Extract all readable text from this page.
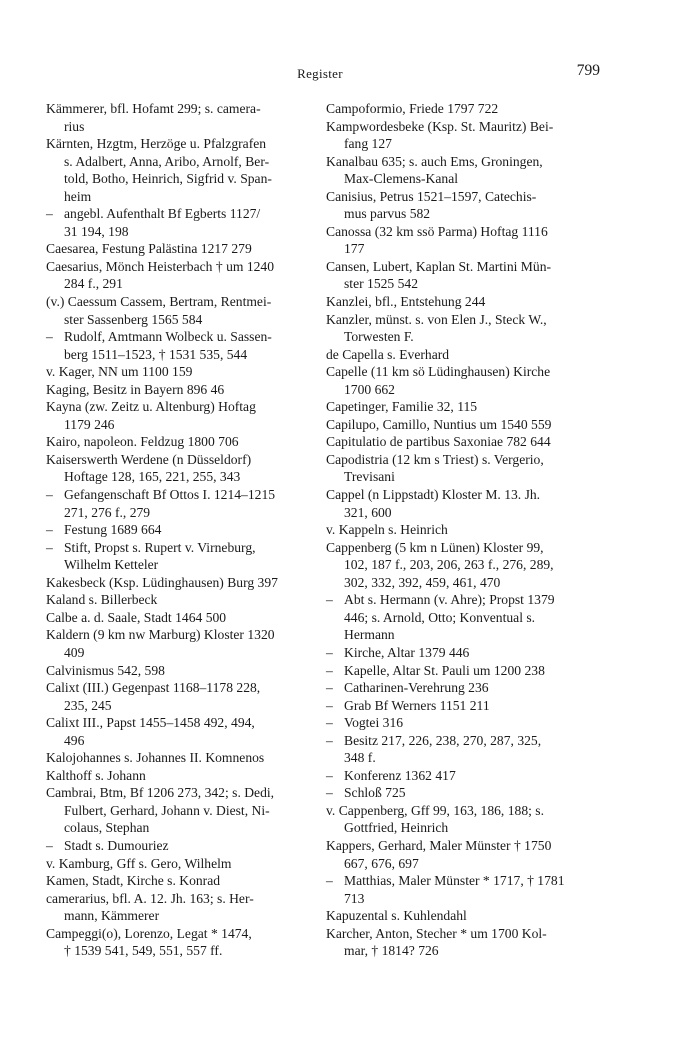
Register	799
Kämmerer, bfl. Hofamt 299; s. camera-
rius
Kärnten, Hzgtm, Herzöge u. Pfalzgrafen
s. Adalbert, Anna, Aribo, Arnolf, Ber-
told, Botho, Heinrich, Sigfrid v. Span-
heim
– angebl. Aufenthalt Bf Egberts 1127/
31 194, 198
Caesarea, Festung Palästina 1217 279
Caesarius, Mönch Heisterbach † um 1240
284 f., 291
(v.) Caessum Cassem, Bertram, Rentmei-
ster Sassenberg 1565 584
– Rudolf, Amtmann Wolbeck u. Sassen-
berg 1511–1523, † 1531 535, 544
v. Kager, NN um 1100 159
Kaging, Besitz in Bayern 896 46
Kayna (zw. Zeitz u. Altenburg) Hoftag
1179 246
Kairo, napoleon. Feldzug 1800 706
Kaiserswerth Werdene (n Düsseldorf)
Hoftage 128, 165, 221, 255, 343
– Gefangenschaft Bf Ottos I. 1214–1215
271, 276 f., 279
– Festung 1689 664
– Stift, Propst s. Rupert v. Virneburg,
Wilhelm Ketteler
Kakesbeck (Ksp. Lüdinghausen) Burg 397
Kaland s. Billerbeck
Calbe a. d. Saale, Stadt 1464 500
Kaldern (9 km nw Marburg) Kloster 1320
409
Calvinismus 542, 598
Calixt (III.) Gegenpast 1168–1178 228,
235, 245
Calixt III., Papst 1455–1458 492, 494,
496
Kalojohannes s. Johannes II. Komnenos
Kalthoff s. Johann
Cambrai, Btm, Bf 1206 273, 342; s. Dedi,
Fulbert, Gerhard, Johann v. Diest, Ni-
colaus, Stephan
– Stadt s. Dumouriez
v. Kamburg, Gff s. Gero, Wilhelm
Kamen, Stadt, Kirche s. Konrad
camerarius, bfl. A. 12. Jh. 163; s. Her-
mann, Kämmerer
Campeggi(o), Lorenzo, Legat * 1474,
† 1539 541, 549, 551, 557 ff.
Campoformio, Friede 1797 722
Kampwordesbeke (Ksp. St. Mauritz) Bei-
fang 127
Kanalbau 635; s. auch Ems, Groningen,
Max-Clemens-Kanal
Canisius, Petrus 1521–1597, Catechis-
mus parvus 582
Canossa (32 km ssö Parma) Hoftag 1116
177
Cansen, Lubert, Kaplan St. Martini Mün-
ster 1525 542
Kanzlei, bfl., Entstehung 244
Kanzler, münst. s. von Elen J., Steck W.,
Torwesten F.
de Capella s. Everhard
Capelle (11 km sö Lüdinghausen) Kirche
1700 662
Capetinger, Familie 32, 115
Capilupo, Camillo, Nuntius um 1540 559
Capitulatio de partibus Saxoniae 782 644
Capodistria (12 km s Triest) s. Vergerio,
Trevisani
Cappel (n Lippstadt) Kloster M. 13. Jh.
321, 600
v. Kappeln s. Heinrich
Cappenberg (5 km n Lünen) Kloster 99,
102, 187 f., 203, 206, 263 f., 276, 289,
302, 332, 392, 459, 461, 470
– Abt s. Hermann (v. Ahre); Propst 1379
446; s. Arnold, Otto; Konventual s.
Hermann
– Kirche, Altar 1379 446
– Kapelle, Altar St. Pauli um 1200 238
– Catharinen-Verehrung 236
– Grab Bf Werners 1151 211
– Vogtei 316
– Besitz 217, 226, 238, 270, 287, 325,
348 f.
– Konferenz 1362 417
– Schloß 725
v. Cappenberg, Gff 99, 163, 186, 188; s.
Gottfried, Heinrich
Kappers, Gerhard, Maler Münster † 1750
667, 676, 697
– Matthias, Maler Münster * 1717, † 1781
713
Kapuzental s. Kuhlendahl
Karcher, Anton, Stecher * um 1700 Kol-
mar, † 1814? 726
